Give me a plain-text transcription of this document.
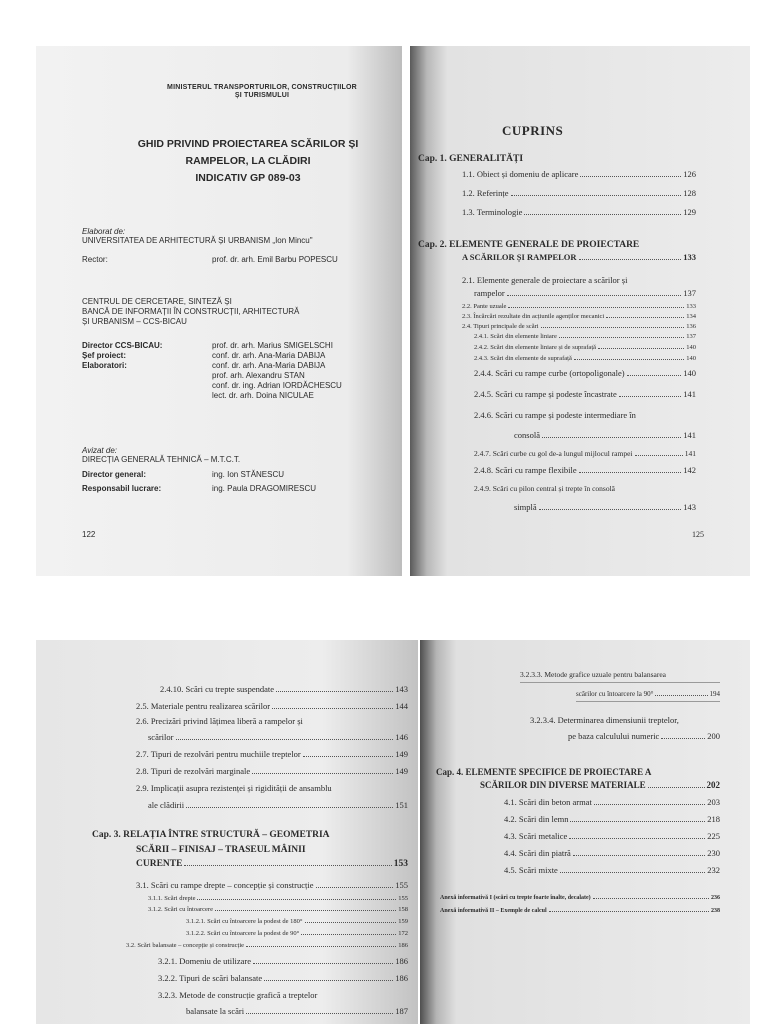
MINISTERUL TRANSPORTURILOR, CONSTRUCȚIILOR
ȘI TURISMULUI
GHID PRIVIND PROIECTAREA SCĂRILOR ȘI
RAMPELOR, LA CLĂDIRI
INDICATIV GP 089-03
Elaborat de:
UNIVERSITATEA DE ARHITECTURĂ ȘI URBANISM „Ion Mincu"
Rector:	prof. dr. arh. Emil Barbu POPESCU
CENTRUL DE CERCETARE, SINTEZĂ ȘI
BANCĂ DE INFORMAȚII ÎN CONSTRUCȚII, ARHITECTURĂ
ȘI URBANISM – CCS-BICAU
Director CCS-BICAU:	prof. dr. arh. Marius SMIGELSCHI
Șef proiect:	conf. dr. arh. Ana-Maria DABIJA
Elaboratori:	conf. dr. arh. Ana-Maria DABIJA
prof. arh. Alexandru STAN
conf. dr. ing. Adrian IORDĂCHESCU
lect. dr. arh. Doina NICULAE
Avizat de:
DIRECȚIA GENERALĂ TEHNICĂ – M.T.C.T.
Director general:	ing. Ion STĂNESCU
Responsabil lucrare:	ing. Paula DRAGOMIRESCU
122
CUPRINS
Cap. 1. GENERALITĂȚI
1.1. Obiect și domeniu de aplicare	126
1.2. Referințe	128
1.3. Terminologie	129
Cap. 2. ELEMENTE GENERALE DE PROIECTARE
A SCĂRILOR ȘI RAMPELOR	133
2.1. Elemente generale de proiectare a scărilor și
rampelor	137
2.2. Pante uzuale	133
2.3. Încărcări rezultate din acțiunile agenților mecanici	134
2.4. Tipuri principale de scări	136
2.4.1. Scări din elemente liniare	137
2.4.2. Scări din elemente liniare și de suprafață	140
2.4.3. Scări din elemente de suprafață	140
2.4.4. Scări cu rampe curbe (ortopoligonale)	140
2.4.5. Scări cu rampe și podeste încastrate	141
2.4.6. Scări cu rampe și podeste intermediare în
consolă	141
2.4.7. Scări curbe cu gol de-a lungul mijlocul rampei	141
2.4.8. Scări cu rampe flexibile	142
2.4.9. Scări cu pilon central și trepte în consolă
simplă	143
125
2.4.10. Scări cu trepte suspendate	143
2.5. Materiale pentru realizarea scărilor	144
2.6. Precizări privind lățimea liberă a rampelor și
scărilor	146
2.7. Tipuri de rezolvări pentru muchiile treptelor	149
2.8. Tipuri de rezolvări marginale	149
2.9. Implicații asupra rezistenței și rigidității de ansamblu
ale clădirii	151
Cap. 3. RELAȚIA ÎNTRE STRUCTURĂ – GEOMETRIA
SCĂRII – FINISAJ – TRASEUL MÂINII
CURENTE	153
3.1. Scări cu rampe drepte – concepție și construcție	155
3.1.1. Scări drepte	155
3.1.2. Scări cu întoarcere	158
3.1.2.1. Scări cu întoarcere la podest de 180°	159
3.1.2.2. Scări cu întoarcere la podest de 90°	172
3.2. Scări balansate – concepție și construcție	186
3.2.1. Domeniu de utilizare	186
3.2.2. Tipuri de scări balansate	186
3.2.3. Metode de construcție grafică a treptelor
balansate la scări	187
3.2.3.3. Metode grafice uzuale pentru balansarea
scărilor cu întoarcere la 90°	194
3.2.3.4. Determinarea dimensiunii treptelor,
pe baza calculului numeric	200
Cap. 4. ELEMENTE SPECIFICE DE PROIECTARE A
SCĂRILOR DIN DIVERSE MATERIALE	202
4.1. Scări din beton armat	203
4.2. Scări din lemn	218
4.3. Scări metalice	225
4.4. Scări din piatră	230
4.5. Scări mixte	232
Anexă informativă I (scări cu trepte foarte înalte, decalate)	236
Anexă informativă II – Exemple de calcul	238
